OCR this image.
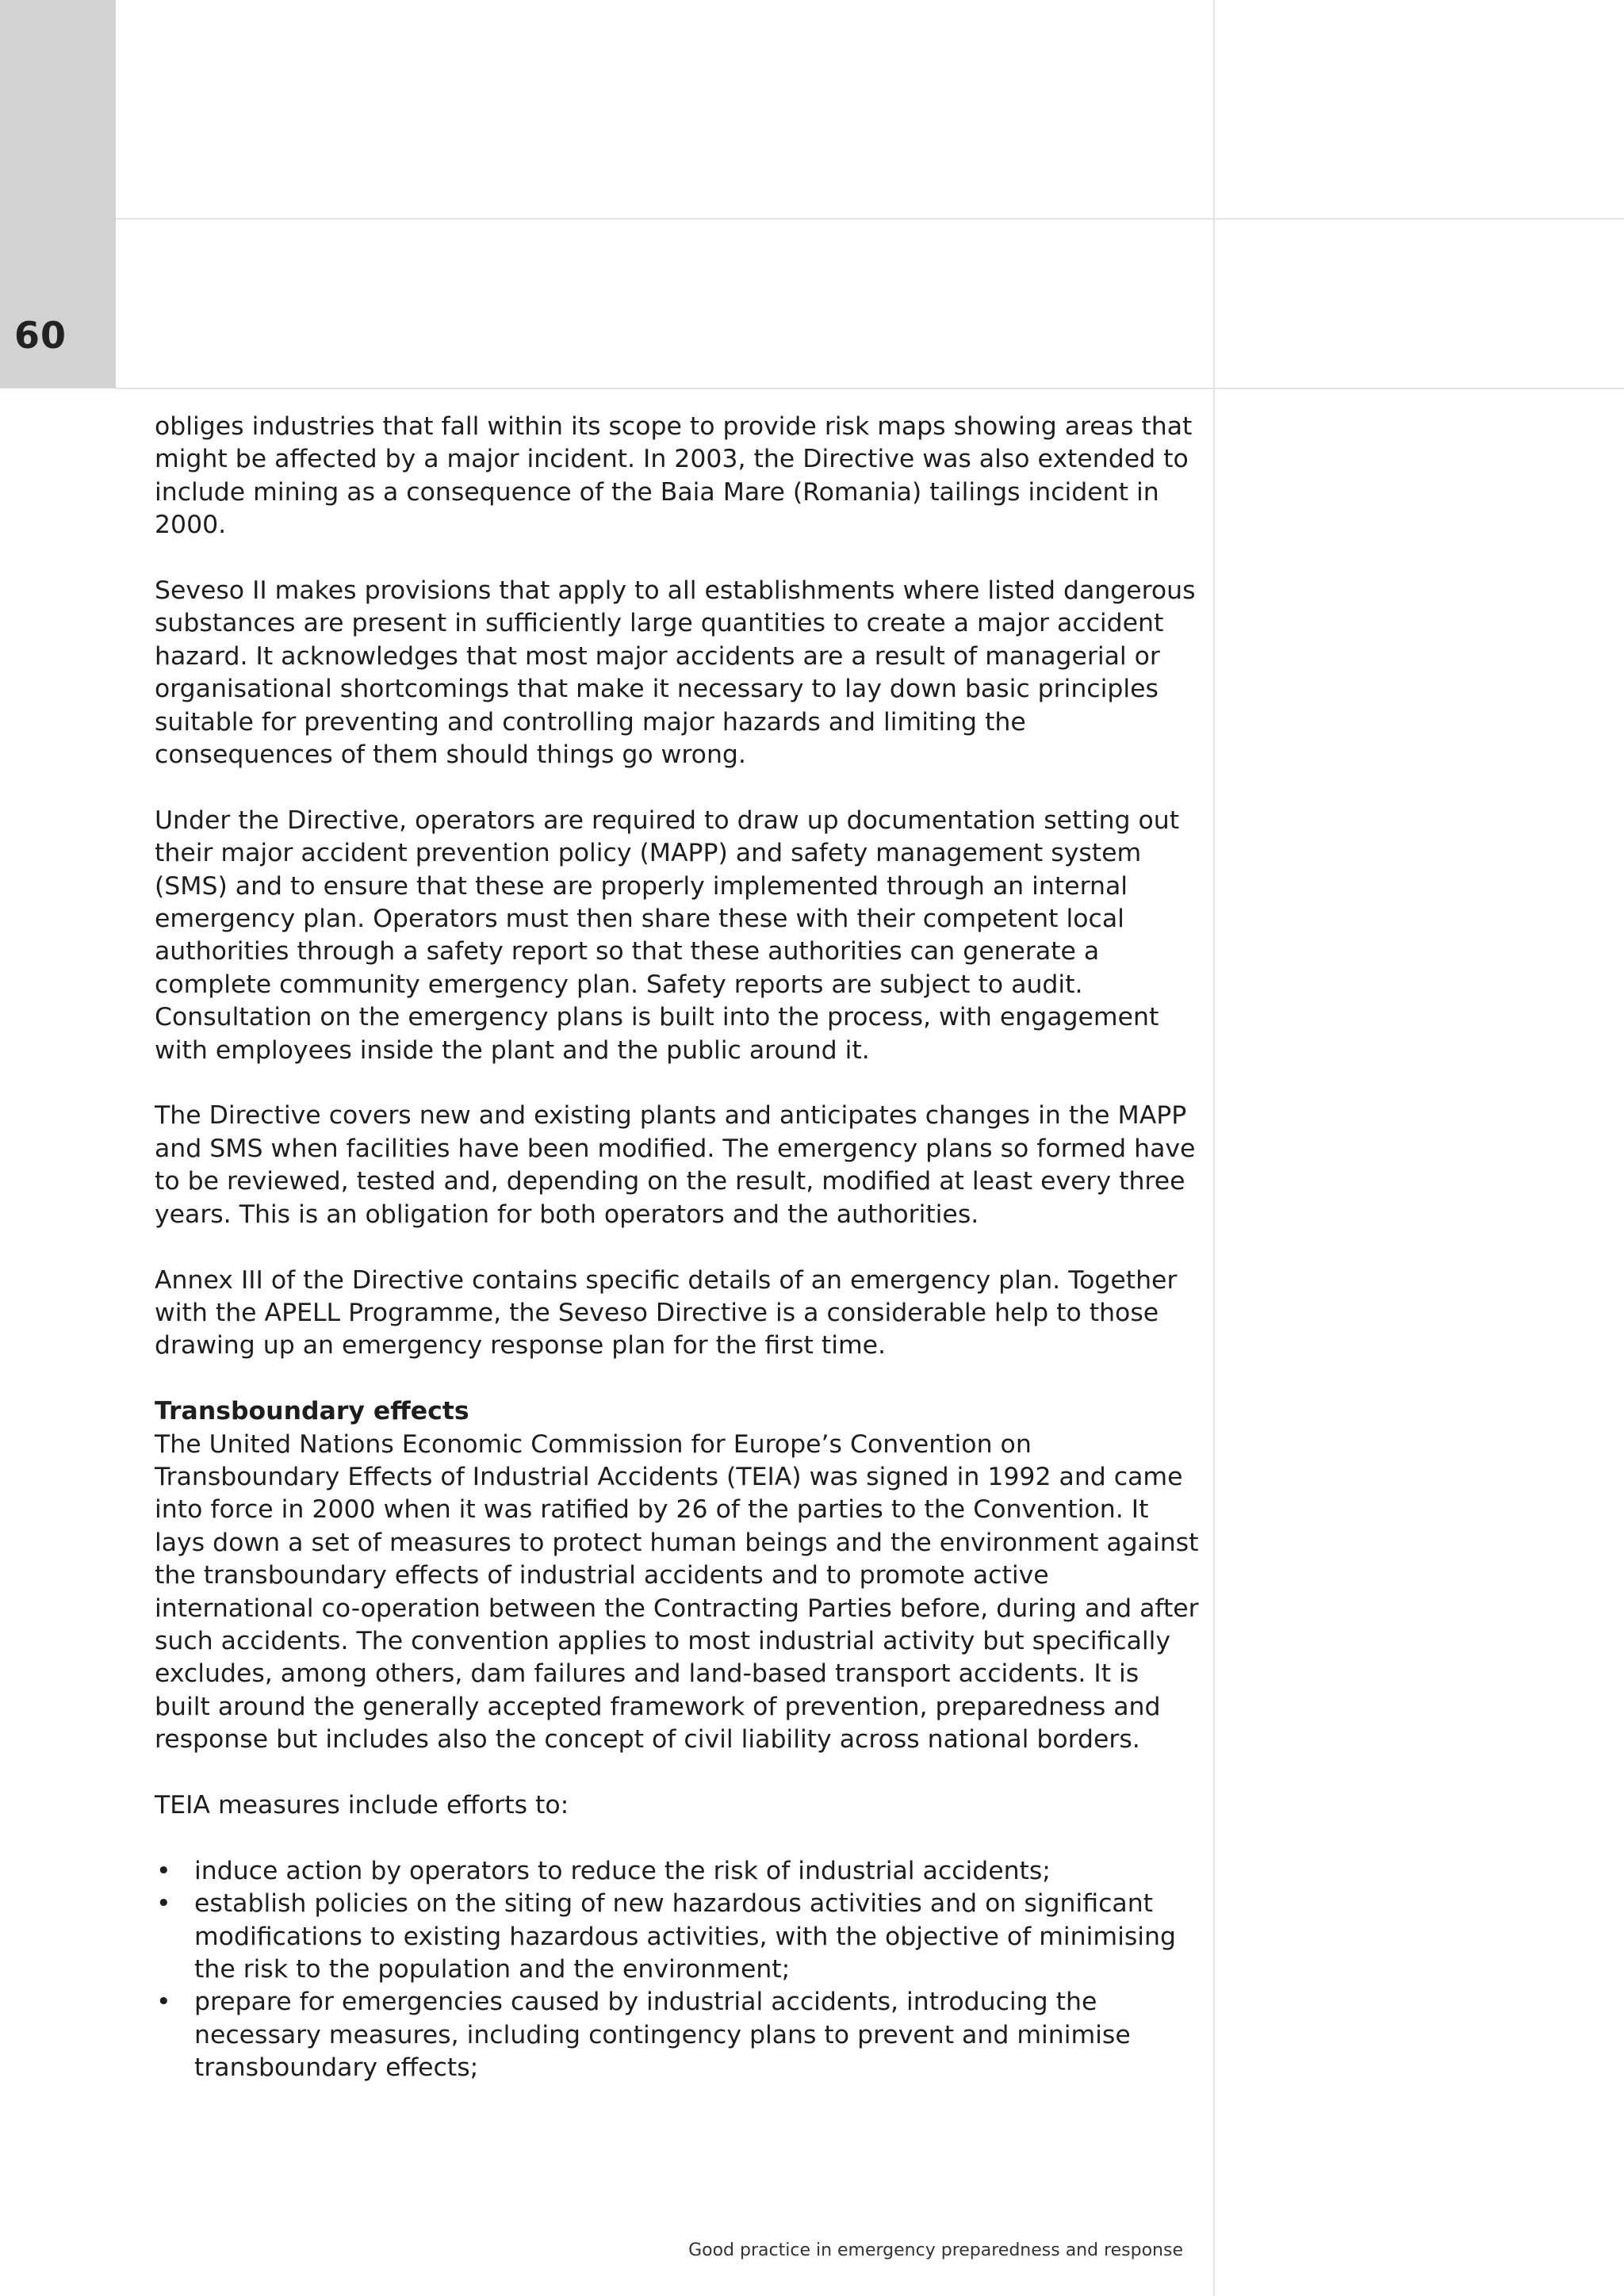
60

obliges industries that fall within its scope to provide risk maps showing areas that might be affected by a major incident. In 2003, the Directive was also extended to include mining as a consequence of the Baia Mare (Romania) tailings incident in 2000.

Seveso II makes provisions that apply to all establishments where listed dangerous substances are present in sufficiently large quantities to create a major accident hazard. It acknowledges that most major accidents are a result of managerial or organisational shortcomings that make it necessary to lay down basic principles suitable for preventing and controlling major hazards and limiting the consequences of them should things go wrong.

Under the Directive, operators are required to draw up documentation setting out their major accident prevention policy (MAPP) and safety management system (SMS) and to ensure that these are properly implemented through an internal emergency plan. Operators must then share these with their competent local authorities through a safety report so that these authorities can generate a complete community emergency plan. Safety reports are subject to audit. Consultation on the emergency plans is built into the process, with engagement with employees inside the plant and the public around it.

The Directive covers new and existing plants and anticipates changes in the MAPP and SMS when facilities have been modified. The emergency plans so formed have to be reviewed, tested and, depending on the result, modified at least every three years. This is an obligation for both operators and the authorities.

Annex III of the Directive contains specific details of an emergency plan. Together with the APELL Programme, the Seveso Directive is a considerable help to those drawing up an emergency response plan for the first time.

Transboundary effects

The United Nations Economic Commission for Europe’s Convention on Transboundary Effects of Industrial Accidents (TEIA) was signed in 1992 and came into force in 2000 when it was ratified by 26 of the parties to the Convention. It lays down a set of measures to protect human beings and the environment against the transboundary effects of industrial accidents and to promote active international co-operation between the Contracting Parties before, during and after such accidents. The convention applies to most industrial activity but specifically excludes, among others, dam failures and land-based transport accidents. It is built around the generally accepted framework of prevention, preparedness and response but includes also the concept of civil liability across national borders.

TEIA measures include efforts to:

• induce action by operators to reduce the risk of industrial accidents;
• establish policies on the siting of new hazardous activities and on significant modifications to existing hazardous activities, with the objective of minimising the risk to the population and the environment;
• prepare for emergencies caused by industrial accidents, introducing the necessary measures, including contingency plans to prevent and minimise transboundary effects;
Good practice in emergency preparedness and response
